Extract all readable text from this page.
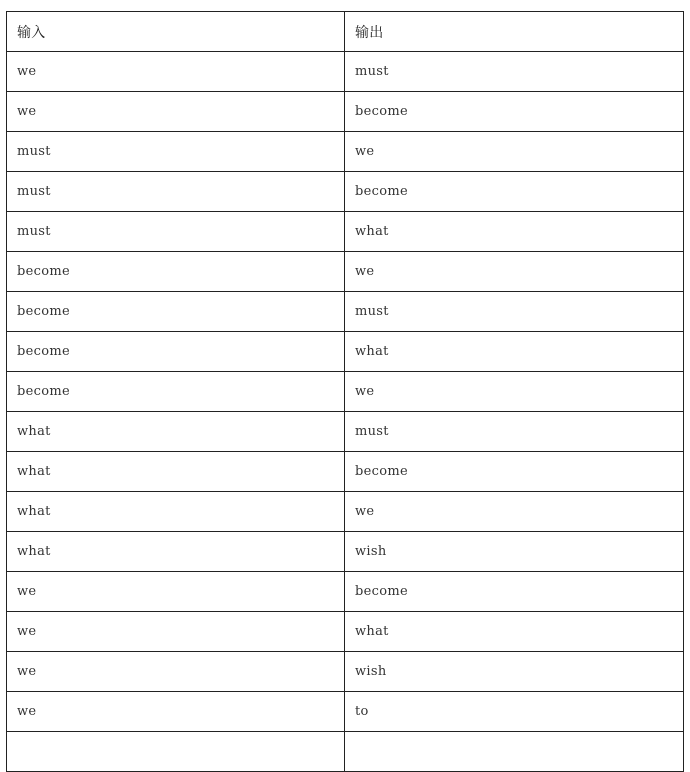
输入	输出
we	must
we	become
must	we
must	become
must	what
become	we
become	must
become	what
become	we
what	must
what	become
what	we
what	wish
we	become
we	what
we	wish
we	to
